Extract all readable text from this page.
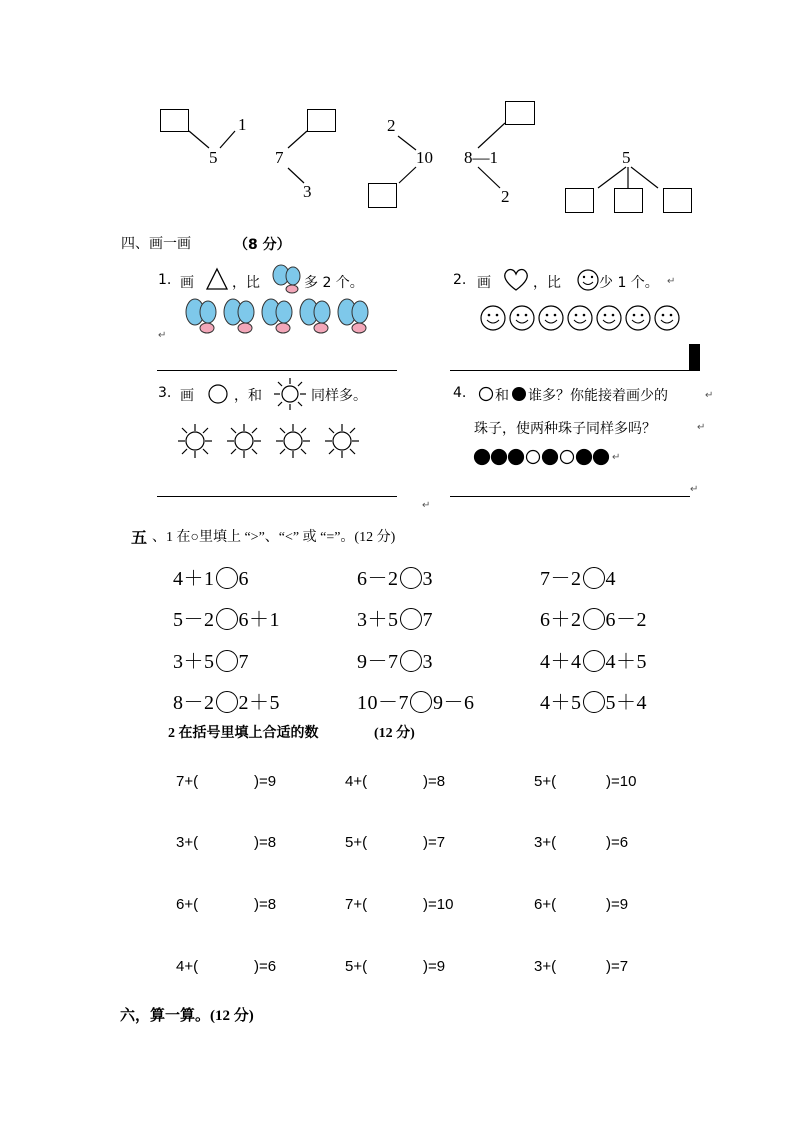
1
5	7
3
2
10 8—1
2
5
四、画一画	（8 分）
1. 画	，比	多 2 个。
↵
2. 画	，比	少 1 个。 ↵
3. 画	，和	同样多。
↵
4. 和 谁多？你能接着画少的	↵
珠子，使两种珠子同样多吗？	↵
↵
↵
五 、1 在○里填上 “>”、“<” 或 “=”。(12 分)
4＋1 6	6－2 3	7－2 4
5－2 6＋1	3＋5 7	6＋2 6－2
3＋5 7	9－7 3	4＋4 4＋5
8－2 2＋5	10－7 9－6	4＋5 5＋4
2 在括号里填上合适的数	(12 分)
7+(	)=9	4+(	)=8	5+(	)=10
3+(	)=8	5+(	)=7	3+(	)=6
6+(	)=8	7+(	)=10	6+(	)=9
4+(	)=6	5+(	)=9	3+(	)=7
六，算一算。(12 分)
